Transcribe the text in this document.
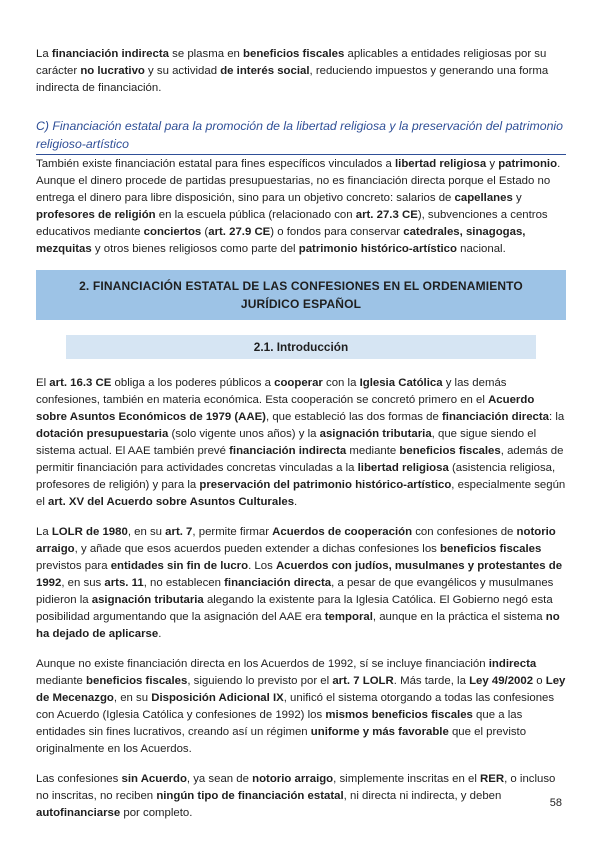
La financiación indirecta se plasma en beneficios fiscales aplicables a entidades religiosas por su carácter no lucrativo y su actividad de interés social, reduciendo impuestos y generando una forma indirecta de financiación.

C) Financiación estatal para la promoción de la libertad religiosa y la preservación del patrimonio religioso-artístico

También existe financiación estatal para fines específicos vinculados a libertad religiosa y patrimonio. Aunque el dinero procede de partidas presupuestarias, no es financiación directa porque el Estado no entrega el dinero para libre disposición, sino para un objetivo concreto: salarios de capellanes y profesores de religión en la escuela pública (relacionado con art. 27.3 CE), subvenciones a centros educativos mediante conciertos (art. 27.9 CE) o fondos para conservar catedrales, sinagogas, mezquitas y otros bienes religiosos como parte del patrimonio histórico-artístico nacional.

2. FINANCIACIÓN ESTATAL DE LAS CONFESIONES EN EL ORDENAMIENTO JURÍDICO ESPAÑOL
2.1. Introducción

El art. 16.3 CE obliga a los poderes públicos a cooperar con la Iglesia Católica y las demás confesiones, también en materia económica. Esta cooperación se concretó primero en el Acuerdo sobre Asuntos Económicos de 1979 (AAE), que estableció las dos formas de financiación directa: la dotación presupuestaria (solo vigente unos años) y la asignación tributaria, que sigue siendo el sistema actual. El AAE también prevé financiación indirecta mediante beneficios fiscales, además de permitir financiación para actividades concretas vinculadas a la libertad religiosa (asistencia religiosa, profesores de religión) y para la preservación del patrimonio histórico-artístico, especialmente según el art. XV del Acuerdo sobre Asuntos Culturales.

La LOLR de 1980, en su art. 7, permite firmar Acuerdos de cooperación con confesiones de notorio arraigo, y añade que esos acuerdos pueden extender a dichas confesiones los beneficios fiscales previstos para entidades sin fin de lucro. Los Acuerdos con judíos, musulmanes y protestantes de 1992, en sus arts. 11, no establecen financiación directa, a pesar de que evangélicos y musulmanes pidieron la asignación tributaria alegando la existente para la Iglesia Católica. El Gobierno negó esta posibilidad argumentando que la asignación del AAE era temporal, aunque en la práctica el sistema no ha dejado de aplicarse.

Aunque no existe financiación directa en los Acuerdos de 1992, sí se incluye financiación indirecta mediante beneficios fiscales, siguiendo lo previsto por el art. 7 LOLR. Más tarde, la Ley 49/2002 o Ley de Mecenazgo, en su Disposición Adicional IX, unificó el sistema otorgando a todas las confesiones con Acuerdo (Iglesia Católica y confesiones de 1992) los mismos beneficios fiscales que a las entidades sin fines lucrativos, creando así un régimen uniforme y más favorable que el previsto originalmente en los Acuerdos.

Las confesiones sin Acuerdo, ya sean de notorio arraigo, simplemente inscritas en el RER, o incluso no inscritas, no reciben ningún tipo de financiación estatal, ni directa ni indirecta, y deben autofinanciarse por completo.

58
